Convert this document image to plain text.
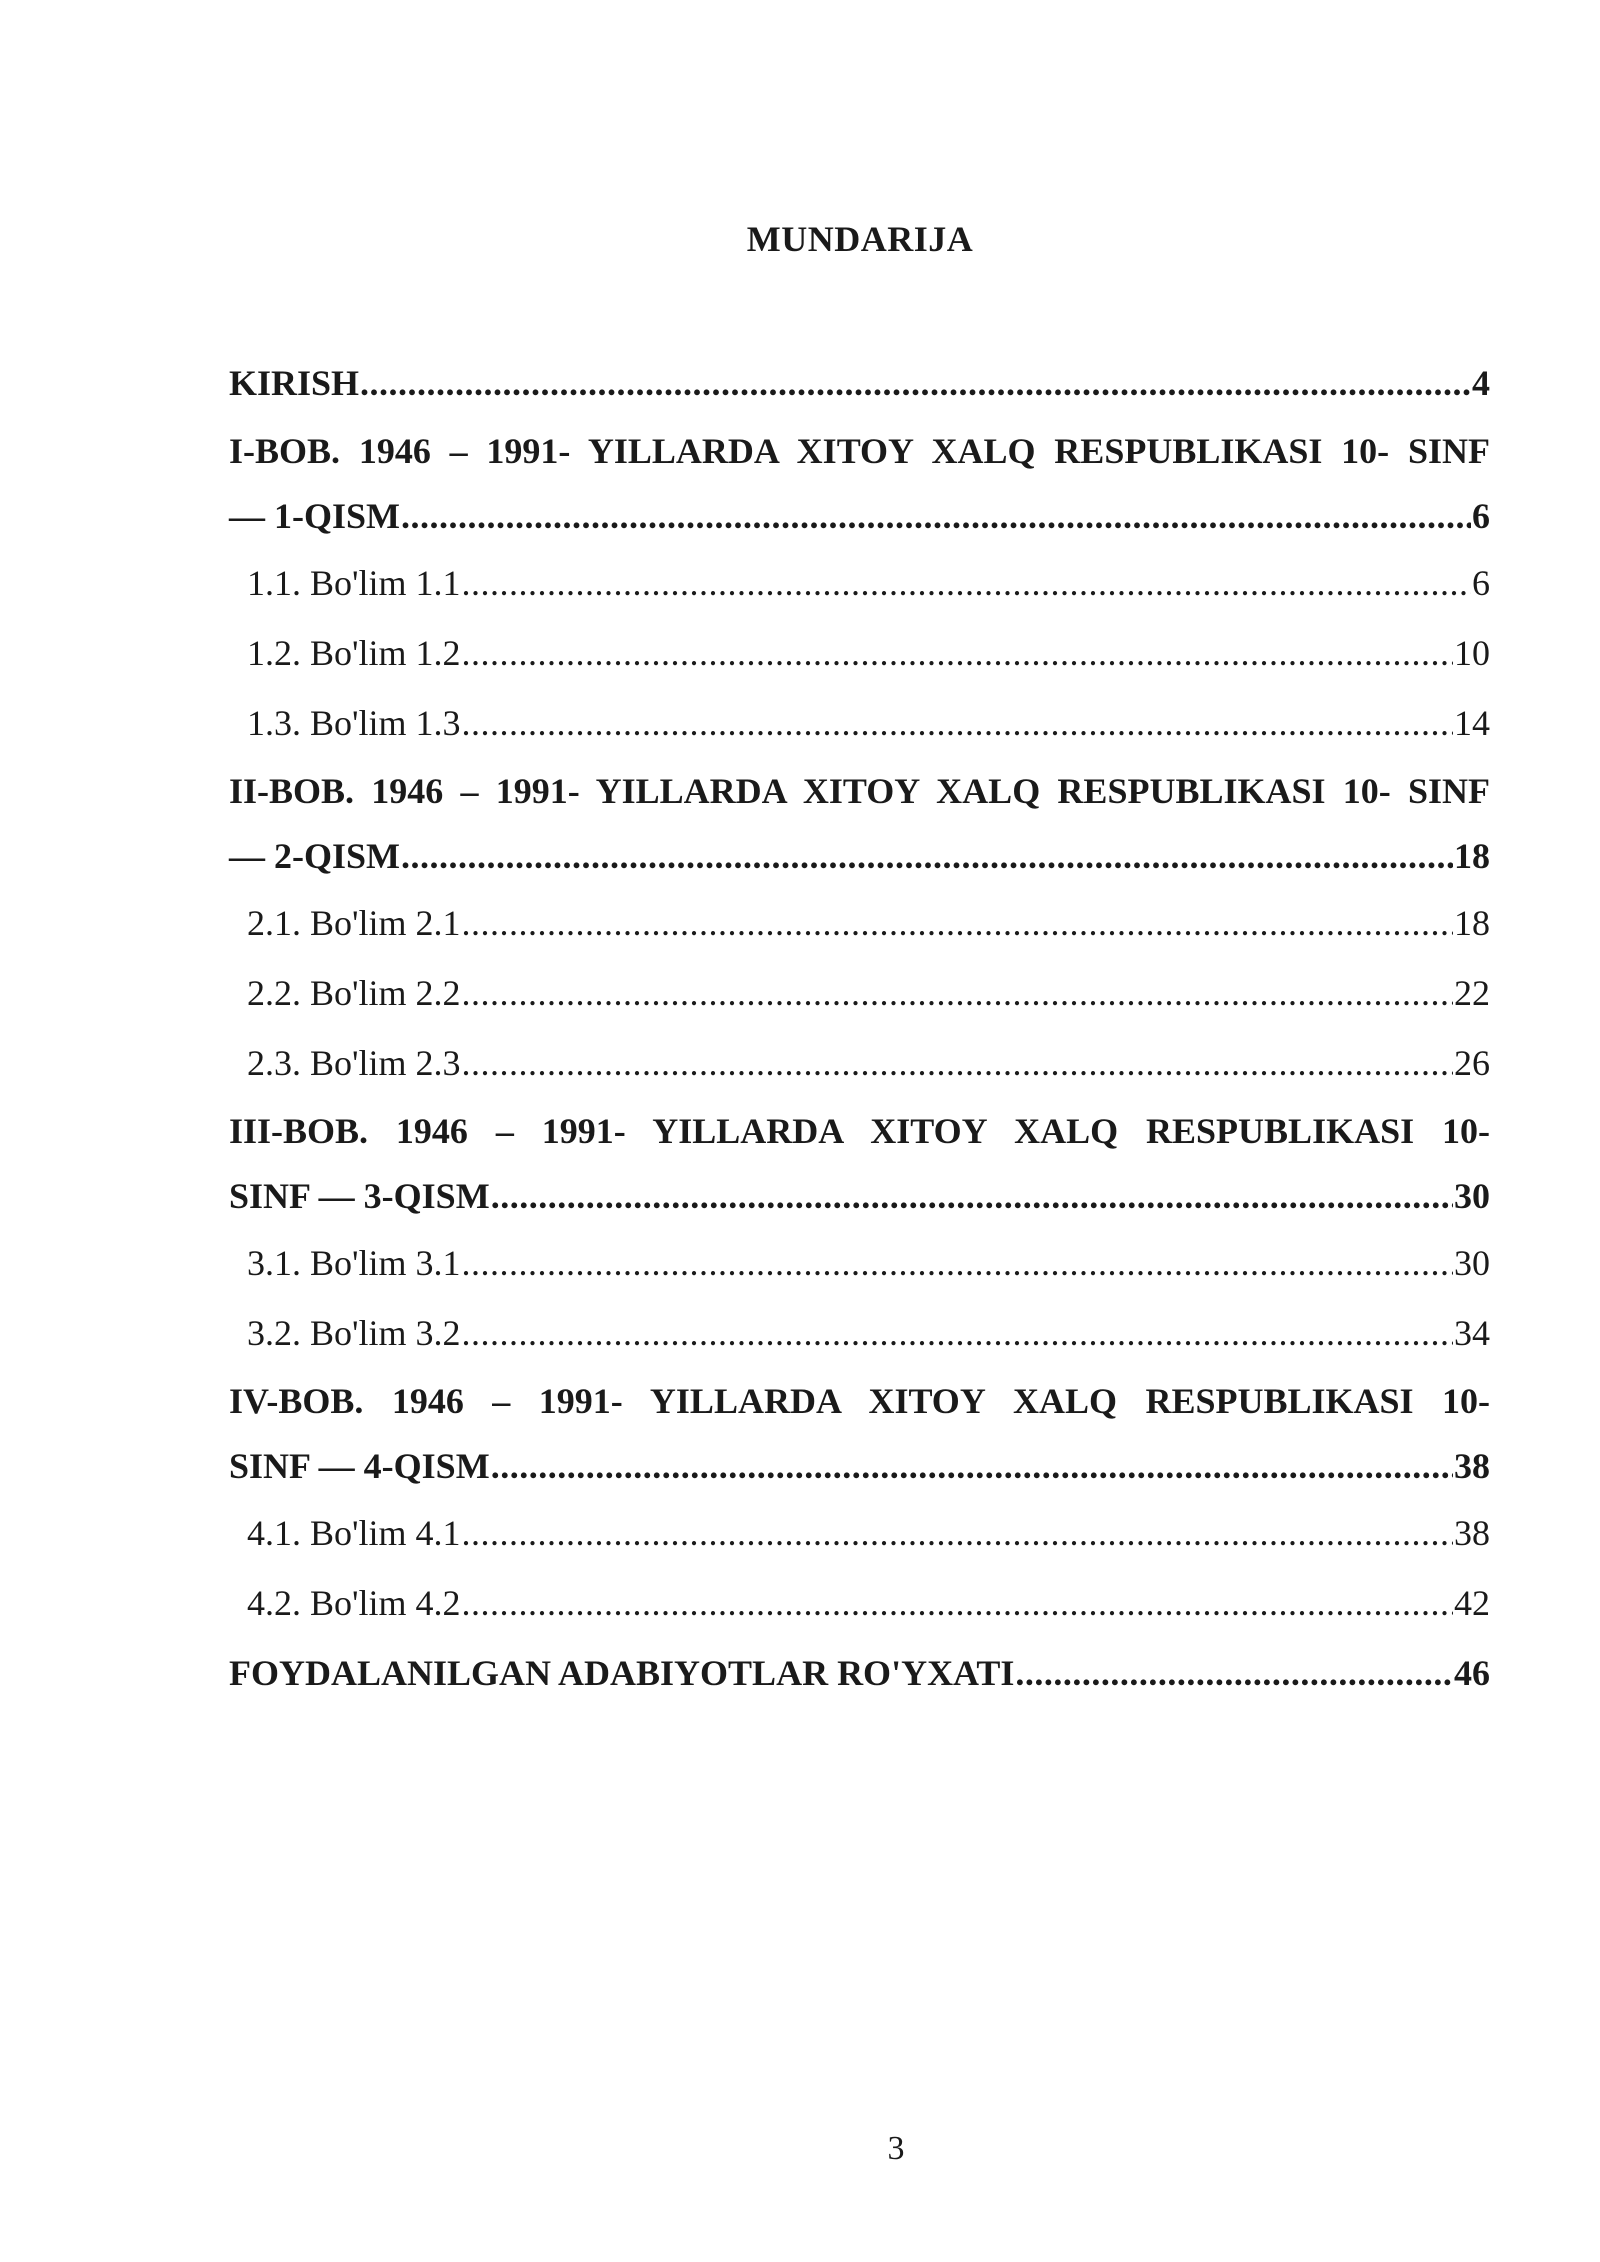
MUNDARIJA
KIRISH .....	4
I-BOB. 1946 – 1991- YILLARDA XITOY XALQ RESPUBLIKASI 10- SINF
— 1-QISM .....	6
1.1. Bo'lim 1.1 .....	6
1.2. Bo'lim 1.2 .....	10
1.3. Bo'lim 1.3 .....	14
II-BOB. 1946 – 1991- YILLARDA XITOY XALQ RESPUBLIKASI 10- SINF
— 2-QISM .....	18
2.1. Bo'lim 2.1 .....	18
2.2. Bo'lim 2.2 .....	22
2.3. Bo'lim 2.3 .....	26
III-BOB. 1946 – 1991- YILLARDA XITOY XALQ RESPUBLIKASI 10-
SINF — 3-QISM .....	30
3.1. Bo'lim 3.1 .....	30
3.2. Bo'lim 3.2 .....	34
IV-BOB. 1946 – 1991- YILLARDA XITOY XALQ RESPUBLIKASI 10-
SINF — 4-QISM .....	38
4.1. Bo'lim 4.1 .....	38
4.2. Bo'lim 4.2 .....	42
FOYDALANILGAN ADABIYOTLAR RO'YXATI .....	46
3
